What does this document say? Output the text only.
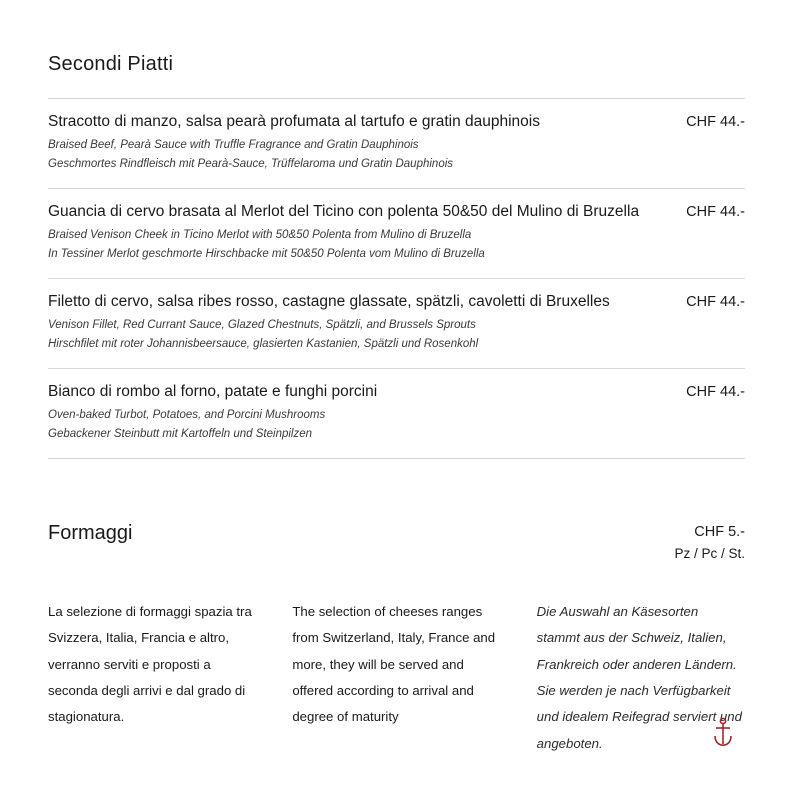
Secondi Piatti
Stracotto di manzo, salsa pearà profumata al tartufo e gratin dauphinois	CHF 44.-
Braised Beef, Pearà Sauce with Truffle Fragrance and Gratin Dauphinois
Geschmortes Rindfleisch mit Pearà-Sauce, Trüffelaroma und Gratin Dauphinois
Guancia di cervo brasata al Merlot del Ticino con polenta 50&50 del Mulino di Bruzella	CHF 44.-
Braised Venison Cheek in Ticino Merlot with 50&50 Polenta from Mulino di Bruzella
In Tessiner Merlot geschmorte Hirschbacke mit 50&50 Polenta vom Mulino di Bruzella
Filetto di cervo, salsa ribes rosso, castagne glassate, spätzli, cavoletti di Bruxelles	CHF 44.-
Venison Fillet, Red Currant Sauce, Glazed Chestnuts, Spätzli, and Brussels Sprouts
Hirschfilet mit roter Johannisbeersauce, glasierten Kastanien, Spätzli und Rosenkohl
Bianco di rombo al forno, patate e funghi porcini	CHF 44.-
Oven-baked Turbot, Potatoes, and Porcini Mushrooms
Gebackener Steinbutt mit Kartoffeln und Steinpilzen
Formaggi	CHF 5.-
Pz / Pc / St.
La selezione di formaggi spazia tra Svizzera, Italia, Francia e altro, verranno serviti e proposti a seconda degli arrivi e dal grado di stagionatura.
The selection of cheeses ranges from Switzerland, Italy, France and more, they will be served and offered according to arrival and degree of maturity
Die Auswahl an Käsesorten stammt aus der Schweiz, Italien, Frankreich oder anderen Ländern. Sie werden je nach Verfügbarkeit und idealem Reifegrad serviert und angeboten.
